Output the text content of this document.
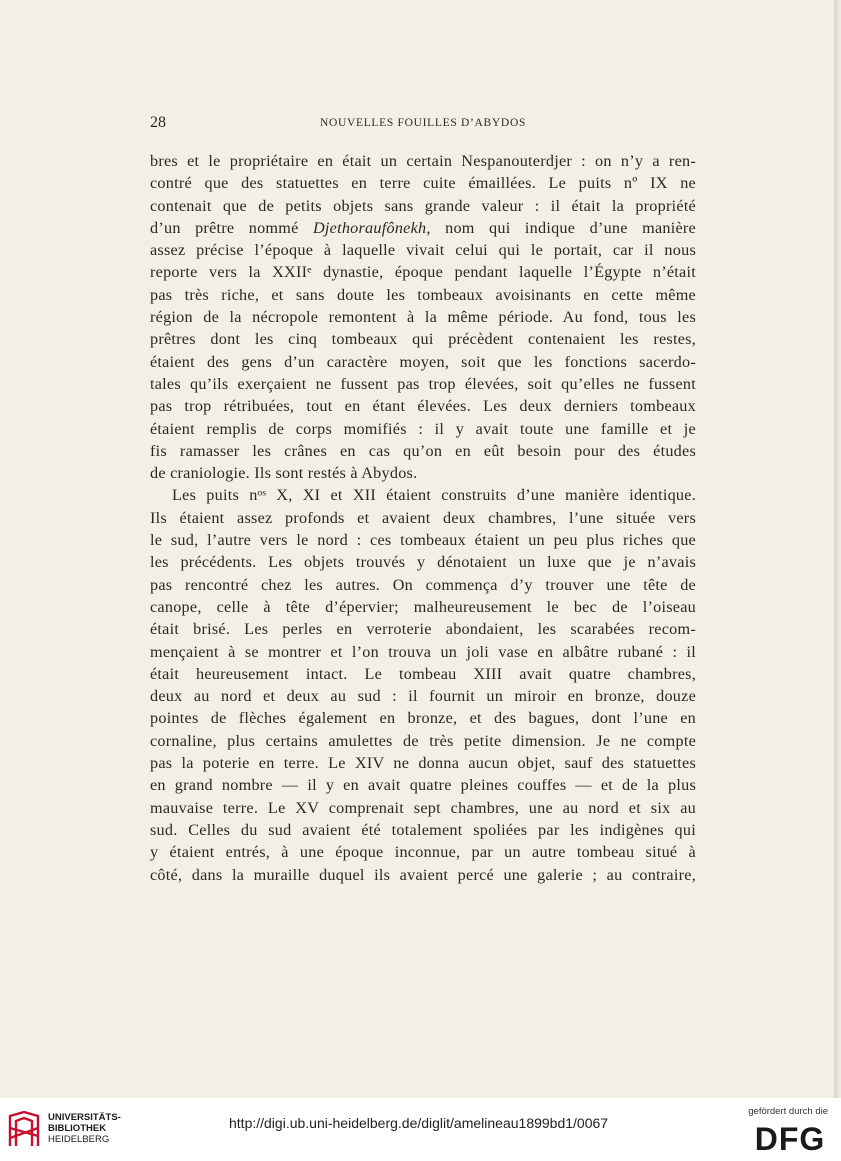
28	NOUVELLES FOUILLES D’ABYDOS
bres et le propriétaire en était un certain Nespanouterdjer : on n’y a ren-
contré que des statuettes en terre cuite émaillées. Le puits nº IX ne
contenait que de petits objets sans grande valeur : il était la propriété
d’un prêtre nommé Djethoraufônekh, nom qui indique d’une manière
assez précise l’époque à laquelle vivait celui qui le portait, car il nous
reporte vers la XXIIᵉ dynastie, époque pendant laquelle l’Égypte n’était
pas très riche, et sans doute les tombeaux avoisinants en cette même
région de la nécropole remontent à la même période. Au fond, tous les
prêtres dont les cinq tombeaux qui précèdent contenaient les restes,
étaient des gens d’un caractère moyen, soit que les fonctions sacerdo-
tales qu’ils exerçaient ne fussent pas trop élevées, soit qu’elles ne fussent
pas trop rétribuées, tout en étant élevées. Les deux derniers tombeaux
étaient remplis de corps momifiés : il y avait toute une famille et je
fis ramasser les crânes en cas qu’on en eût besoin pour des études
de craniologie. Ils sont restés à Abydos.
Les puits nᵒˢ X, XI et XII étaient construits d’une manière identique.
Ils étaient assez profonds et avaient deux chambres, l’une située vers
le sud, l’autre vers le nord : ces tombeaux étaient un peu plus riches que
les précédents. Les objets trouvés y dénotaient un luxe que je n’avais
pas rencontré chez les autres. On commença d’y trouver une tête de
canope, celle à tête d’épervier; malheureusement le bec de l’oiseau
était brisé. Les perles en verroterie abondaient, les scarabées recom-
mençaient à se montrer et l’on trouva un joli vase en albâtre rubané : il
était heureusement intact. Le tombeau XIII avait quatre chambres,
deux au nord et deux au sud : il fournit un miroir en bronze, douze
pointes de flèches également en bronze, et des bagues, dont l’une en
cornaline, plus certains amulettes de très petite dimension. Je ne compte
pas la poterie en terre. Le XIV ne donna aucun objet, sauf des statuettes
en grand nombre — il y en avait quatre pleines couffes — et de la plus
mauvaise terre. Le XV comprenait sept chambres, une au nord et six au
sud. Celles du sud avaient été totalement spoliées par les indigènes qui
y étaient entrés, à une époque inconnue, par un autre tombeau situé à
côté, dans la muraille duquel ils avaient percé une galerie ; au contraire,
UNIVERSITÄTS-
BIBLIOTHEK
HEIDELBERG
http://digi.ub.uni-heidelberg.de/diglit/amelineau1899bd1/0067
gefördert durch die
DFG
